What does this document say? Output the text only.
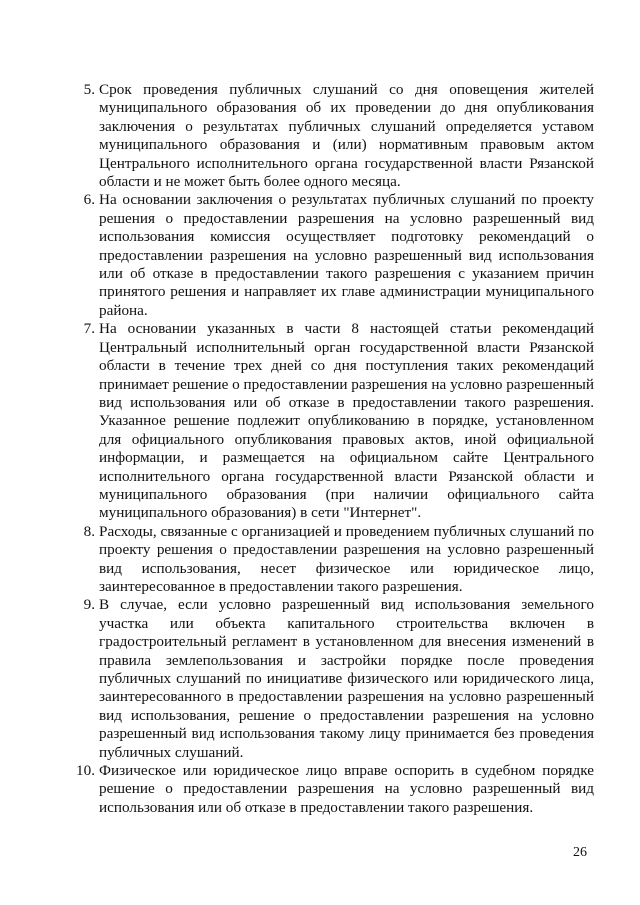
5. Срок проведения публичных слушаний со дня оповещения жителей муниципального образования об их проведении до дня опубликования заключения о результатах публичных слушаний определяется уставом муниципального образования и (или) нормативным правовым актом Центрального исполнительного органа государственной власти Рязанской области и не может быть более одного месяца.
6. На основании заключения о результатах публичных слушаний по проекту решения о предоставлении разрешения на условно разрешенный вид использования комиссия осуществляет подготовку рекомендаций о предоставлении разрешения на условно разрешенный вид использования или об отказе в предоставлении такого разрешения с указанием причин принятого решения и направляет их главе администрации муниципального района.
7. На основании указанных в части 8 настоящей статьи рекомендаций Центральный исполнительный орган государственной власти Рязанской области в течение трех дней со дня поступления таких рекомендаций принимает решение о предоставлении разрешения на условно разрешенный вид использования или об отказе в предоставлении такого разрешения. Указанное решение подлежит опубликованию в порядке, установленном для официального опубликования правовых актов, иной официальной информации, и размещается на официальном сайте Центрального исполнительного органа государственной власти Рязанской области и муниципального образования (при наличии официального сайта муниципального образования) в сети "Интернет".
8. Расходы, связанные с организацией и проведением публичных слушаний по проекту решения о предоставлении разрешения на условно разрешенный вид использования, несет физическое или юридическое лицо, заинтересованное в предоставлении такого разрешения.
9. В случае, если условно разрешенный вид использования земельного участка или объекта капитального строительства включен в градостроительный регламент в установленном для внесения изменений в правила землепользования и застройки порядке после проведения публичных слушаний по инициативе физического или юридического лица, заинтересованного в предоставлении разрешения на условно разрешенный вид использования, решение о предоставлении разрешения на условно разрешенный вид использования такому лицу принимается без проведения публичных слушаний.
10. Физическое или юридическое лицо вправе оспорить в судебном порядке решение о предоставлении разрешения на условно разрешенный вид использования или об отказе в предоставлении такого разрешения.
26
